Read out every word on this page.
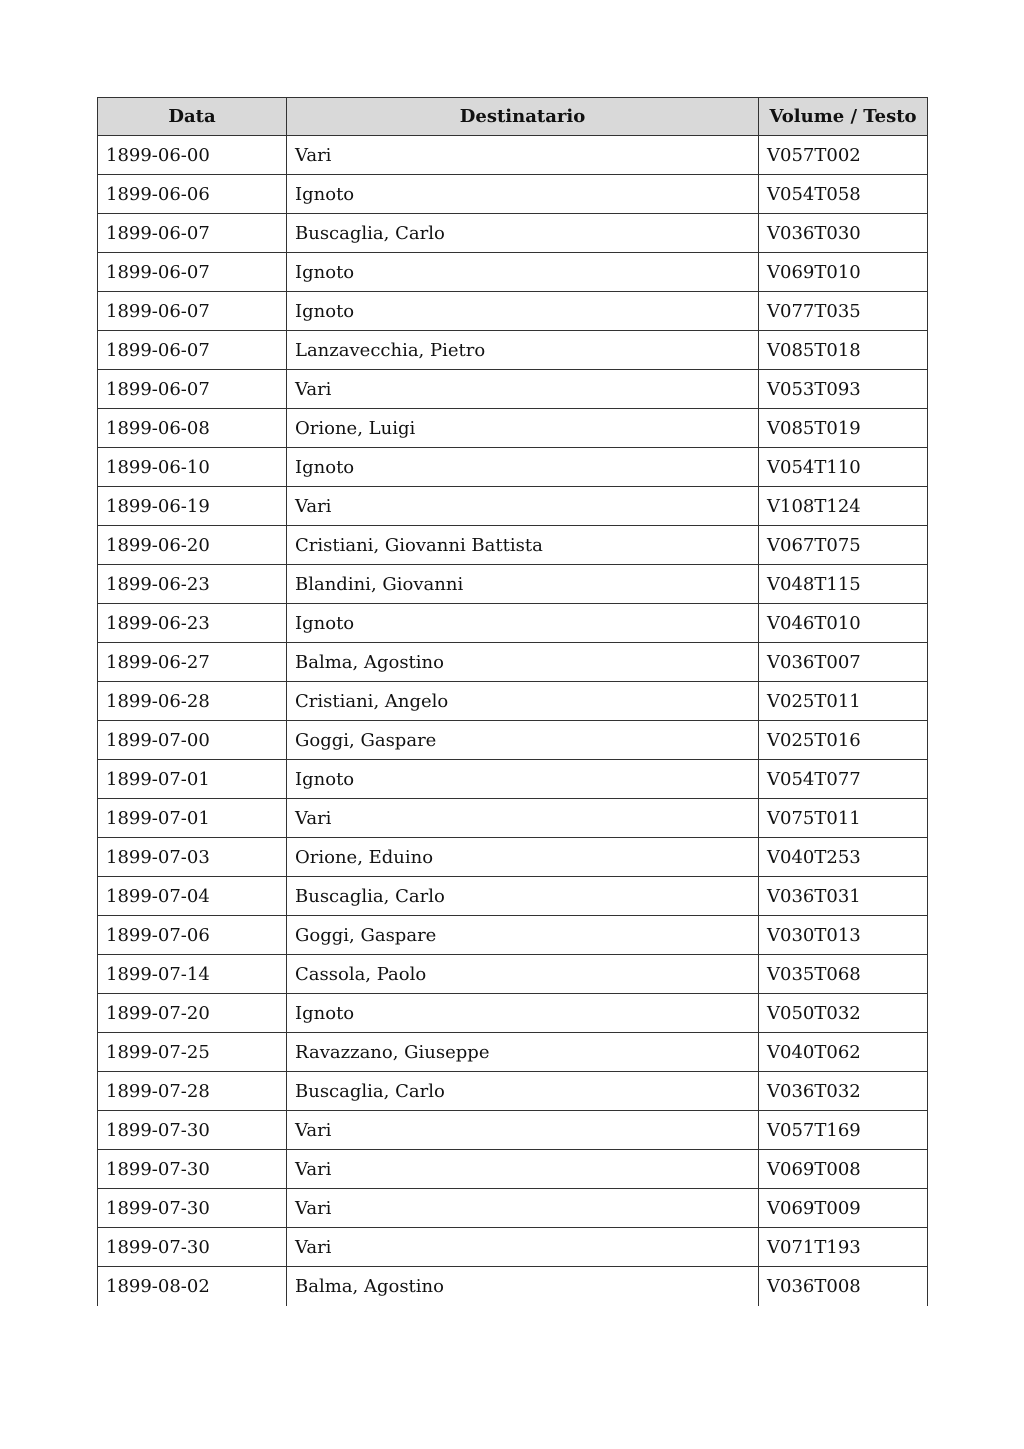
Data	Destinatario	Volume / Testo
1899-06-00	Vari	V057T002
1899-06-06	Ignoto	V054T058
1899-06-07	Buscaglia, Carlo	V036T030
1899-06-07	Ignoto	V069T010
1899-06-07	Ignoto	V077T035
1899-06-07	Lanzavecchia, Pietro	V085T018
1899-06-07	Vari	V053T093
1899-06-08	Orione, Luigi	V085T019
1899-06-10	Ignoto	V054T110
1899-06-19	Vari	V108T124
1899-06-20	Cristiani, Giovanni Battista	V067T075
1899-06-23	Blandini, Giovanni	V048T115
1899-06-23	Ignoto	V046T010
1899-06-27	Balma, Agostino	V036T007
1899-06-28	Cristiani, Angelo	V025T011
1899-07-00	Goggi, Gaspare	V025T016
1899-07-01	Ignoto	V054T077
1899-07-01	Vari	V075T011
1899-07-03	Orione, Eduino	V040T253
1899-07-04	Buscaglia, Carlo	V036T031
1899-07-06	Goggi, Gaspare	V030T013
1899-07-14	Cassola, Paolo	V035T068
1899-07-20	Ignoto	V050T032
1899-07-25	Ravazzano, Giuseppe	V040T062
1899-07-28	Buscaglia, Carlo	V036T032
1899-07-30	Vari	V057T169
1899-07-30	Vari	V069T008
1899-07-30	Vari	V069T009
1899-07-30	Vari	V071T193
1899-08-02	Balma, Agostino	V036T008
